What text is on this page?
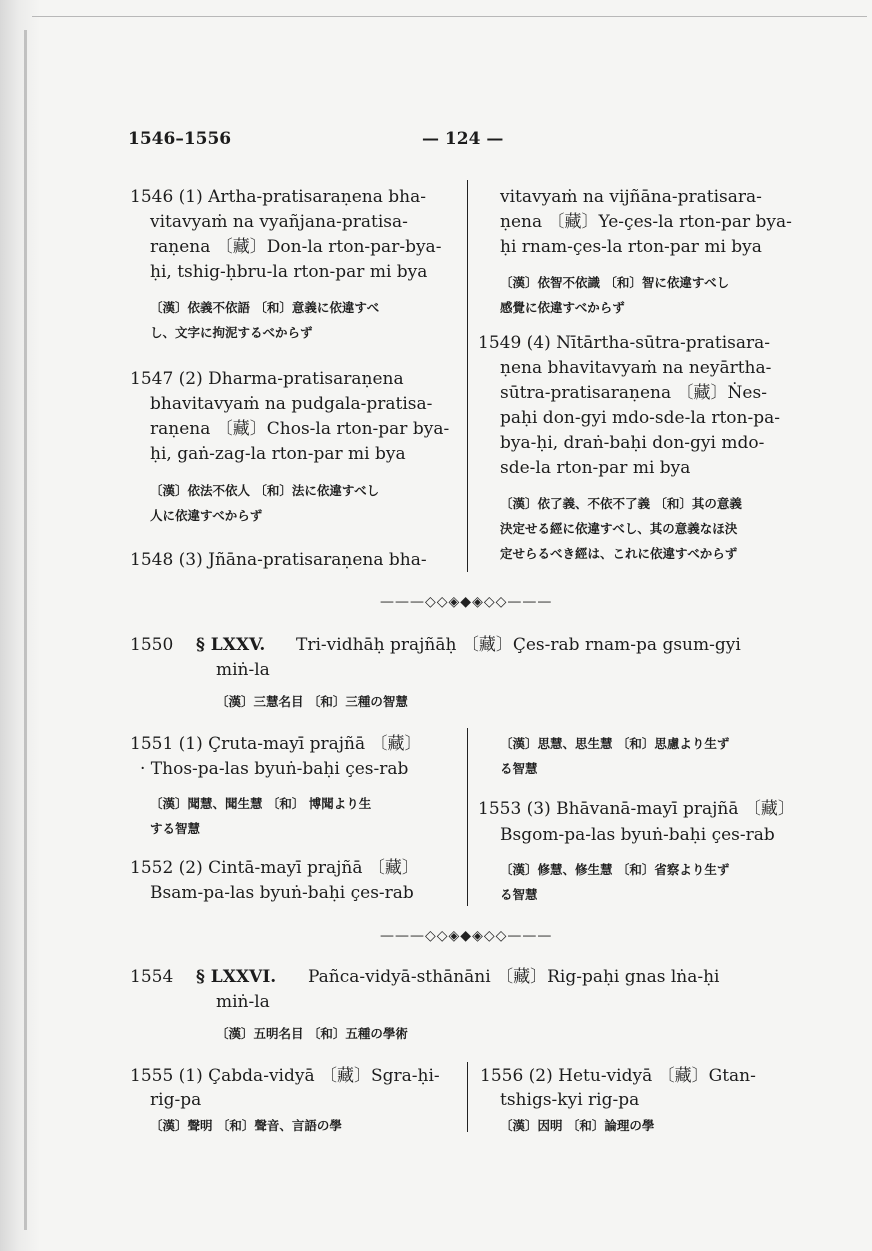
1546–1556	— 124 —
1546 (1) Artha-pratisaraṇena bha-
vitavyaṁ na vyañjana-pratisa-
raṇena 〔藏〕Don-la rton-par-bya-
ḥi, tshig-ḥbru-la rton-par mi bya
〔漢〕依義不依語 〔和〕意義に依違すべ
し、文字に拘泥するべからず
1547 (2) Dharma-pratisaraṇena
bhavitavyaṁ na pudgala-pratisa-
raṇena 〔藏〕Chos-la rton-par bya-
ḥi, gaṅ-zag-la rton-par mi bya
〔漢〕依法不依人 〔和〕法に依違すべし
人に依違すべからず
1548 (3) Jñāna-pratisaraṇena bha-
vitavyaṁ na vijñāna-pratisara-
ṇena 〔藏〕Ye-çes-la rton-par bya-
ḥi rnam-çes-la rton-par mi bya
〔漢〕依智不依識 〔和〕智に依違すべし
感覺に依違すべからず
1549 (4) Nītārtha-sūtra-pratisara-
ṇena bhavitavyaṁ na neyārtha-
sūtra-pratisaraṇena 〔藏〕Ṅes-
paḥi don-gyi mdo-sde-la rton-pa-
bya-ḥi, draṅ-baḥi don-gyi mdo-
sde-la rton-par mi bya
〔漢〕依了義、不依不了義 〔和〕其の意義
決定せる經に依違すべし、其の意義なほ決
定せらるべき經は、これに依違すべからず
———◇◇◈◆◈◇◇———
1550 § LXXV. Tri-vidhāḥ prajñāḥ 〔藏〕Çes-rab rnam-pa gsum-gyi
miṅ-la
〔漢〕三慧名目 〔和〕三種の智慧
1551 (1) Çruta-mayī prajñā 〔藏〕
· Thos-pa-las byuṅ-baḥi çes-rab
〔漢〕聞慧、聞生慧 〔和〕 博聞より生
する智慧
1552 (2) Cintā-mayī prajñā 〔藏〕
Bsam-pa-las byuṅ-baḥi çes-rab
〔漢〕思慧、思生慧 〔和〕思慮より生ず
る智慧
1553 (3) Bhāvanā-mayī prajñā 〔藏〕
Bsgom-pa-las byuṅ-baḥi çes-rab
〔漢〕修慧、修生慧 〔和〕省察より生ず
る智慧
———◇◇◈◆◈◇◇———
1554 § LXXVI. Pañca-vidyā-sthānāni 〔藏〕Rig-paḥi gnas lṅa-ḥi
miṅ-la
〔漢〕五明名目 〔和〕五種の學術
1555 (1) Çabda-vidyā 〔藏〕Sgra-ḥi-
rig-pa
〔漢〕聲明 〔和〕聲音、言語の學
1556 (2) Hetu-vidyā 〔藏〕Gtan-
tshigs-kyi rig-pa
〔漢〕因明 〔和〕論理の學
